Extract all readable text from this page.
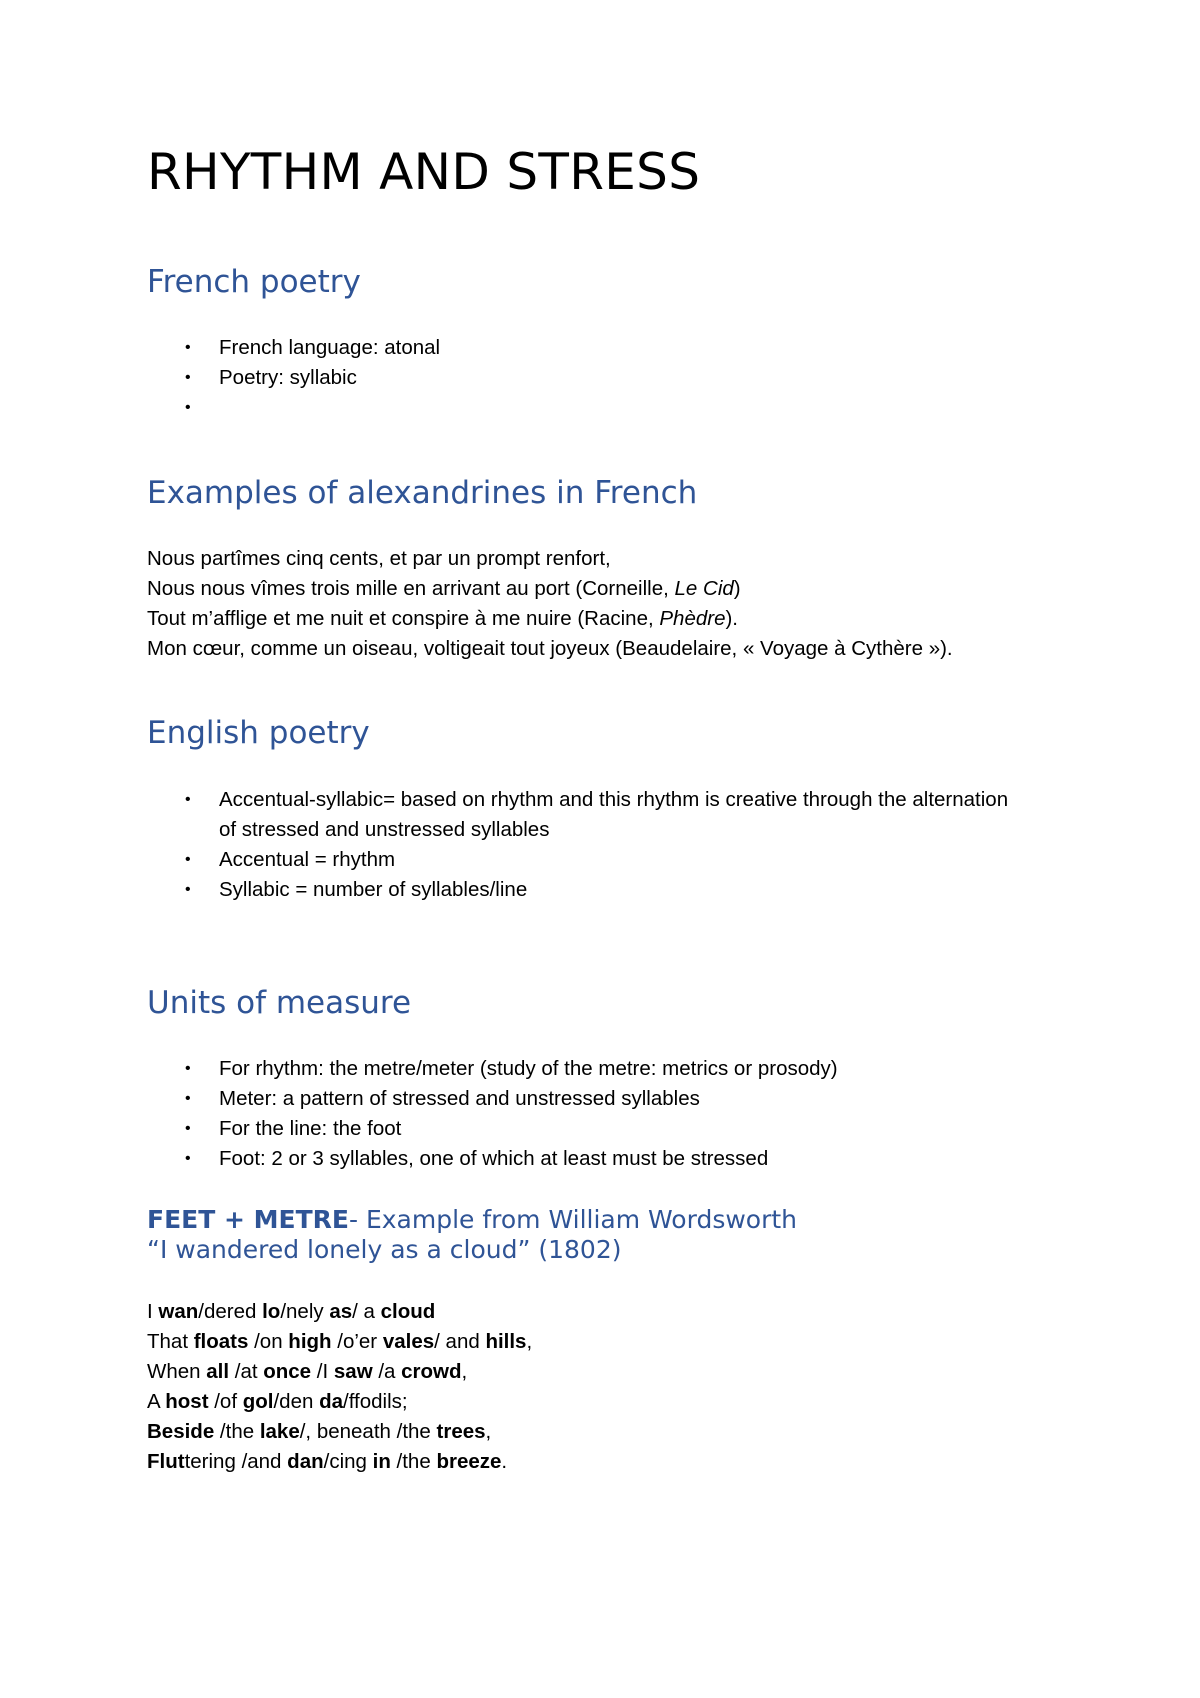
RHYTHM AND STRESS
French poetry
• French language: atonal
• Poetry: syllabic
•

Examples of alexandrines in French
Nous partîmes cinq cents, et par un prompt renfort,
Nous nous vîmes trois mille en arrivant au port (Corneille, Le Cid)
Tout m’afflige et me nuit et conspire à me nuire (Racine, Phèdre).
Mon cœur, comme un oiseau, voltigeait tout joyeux (Beaudelaire, « Voyage à Cythère »).
English poetry
• Accentual-syllabic= based on rhythm and this rhythm is creative through the alternation of stressed and unstressed syllables
• Accentual = rhythm
• Syllabic = number of syllables/line
Units of measure
• For rhythm: the metre/meter (study of the metre: metrics or prosody)
• Meter: a pattern of stressed and unstressed syllables
• For the line: the foot
• Foot: 2 or 3 syllables, one of which at least must be stressed
FEET + METRE- Example from William Wordsworth
“I wandered lonely as a cloud” (1802)
I wan/dered lo/nely as/ a cloud
That floats /on high /o’er vales/ and hills,
When all /at once /I saw /a crowd,
A host /of gol/den da/ffodils;
Beside /the lake/, beneath /the trees,
Fluttering /and dan/cing in /the breeze.
